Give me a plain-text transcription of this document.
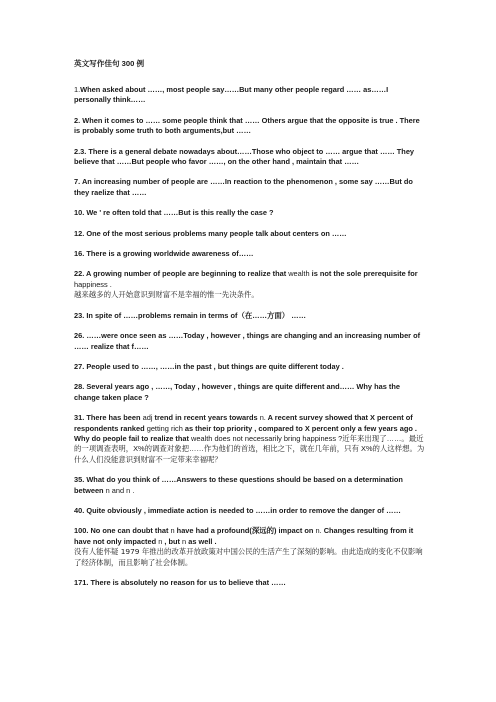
英文写作佳句 300 例
1.When asked about ……, most people say……But many other people regard …… as……I personally think……
2. When it comes to …… some people think that …… Others argue that the opposite is true . There is probably some truth to both arguments,but ……
2.3. There is a general debate nowadays about……Those who object to …… argue that …… They believe that ……But people who favor ……, on the other hand , maintain that ……
7. An increasing number of people are ……In reaction to the phenomenon , some say ……But do they raelize that ……
10. We ' re often told that ……But is this really the case ?
12. One of the most serious problems many people talk about centers on ……
16. There is a growing worldwide awareness of……
22. A growing number of people are beginning to realize that wealth is not the sole prerequisite for happiness .
越来越多的人开始意识到财富不是幸福的惟一先决条件。
23. In spite of ……problems remain in terms of（在……方面） ……
26. ……were once seen as ……Today , however , things are changing and an increasing number of …… realize that f……
27. People used to ……, ……in the past , but things are quite different today .
28. Several years ago , ……, Today , however , things are quite different and…… Why has the change taken place ?
31. There has been adj trend in recent years towards n. A recent survey showed that X percent of respondents ranked getting rich as their top priority , compared to X percent only a few years ago . Why do people fail to realize that wealth does not necessarily bring happiness ?近年来出现了……。最近的一项调查表明，X%的调查对象把……作为他们的首选，相比之下，就在几年前，只有 X%的人这样想。为什么人们没能意识到财富不一定带来幸福呢？
35. What do you think of ……Answers to these questions should be based on a determination between n and n .
40. Quite obviously , immediate action is needed to ……in order to remove the danger of ……
100. No one can doubt that n have had a profound(深远的) impact on n. Changes resulting from it have not only impacted n , but n as well .
没有人能怀疑 1979 年推出的改革开放政策对中国公民的生活产生了深刻的影响。由此造成的变化不仅影响了经济体制，而且影响了社会体制。
171. There is absolutely no reason for us to believe that ……
